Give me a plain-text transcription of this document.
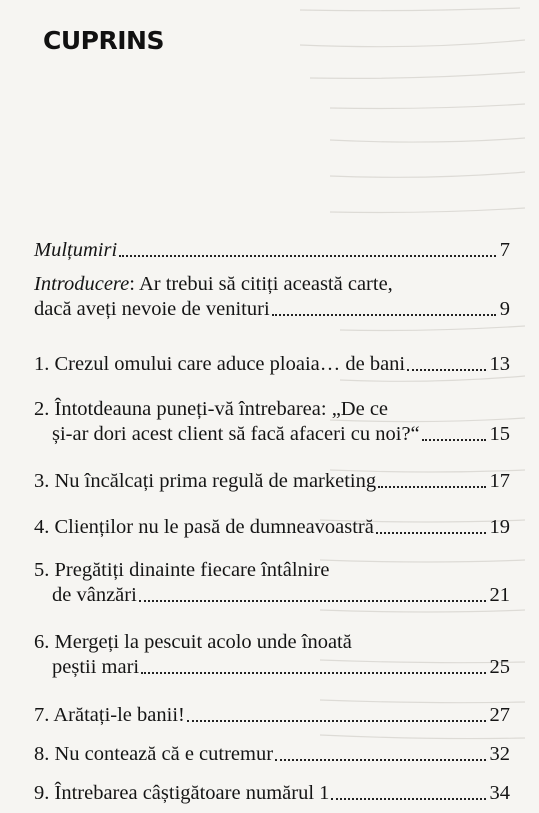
CUPRINS
Mulțumiri	7
Introducere: Ar trebui să citiți această carte,
dacă aveți nevoie de venituri	9
1. Crezul omului care aduce ploaia… de bani	13
2. Întotdeauna puneți-vă întrebarea: „De ce
și-ar dori acest client să facă afaceri cu noi?“	15
3. Nu încălcați prima regulă de marketing	17
4. Clienților nu le pasă de dumneavoastră	19
5. Pregătiți dinainte fiecare întâlnire
de vânzări	21
6. Mergeți la pescuit acolo unde înoată
peștii mari	25
7. Arătați-le banii!	27
8. Nu contează că e cutremur	32
9. Întrebarea câștigătoare numărul 1	34
